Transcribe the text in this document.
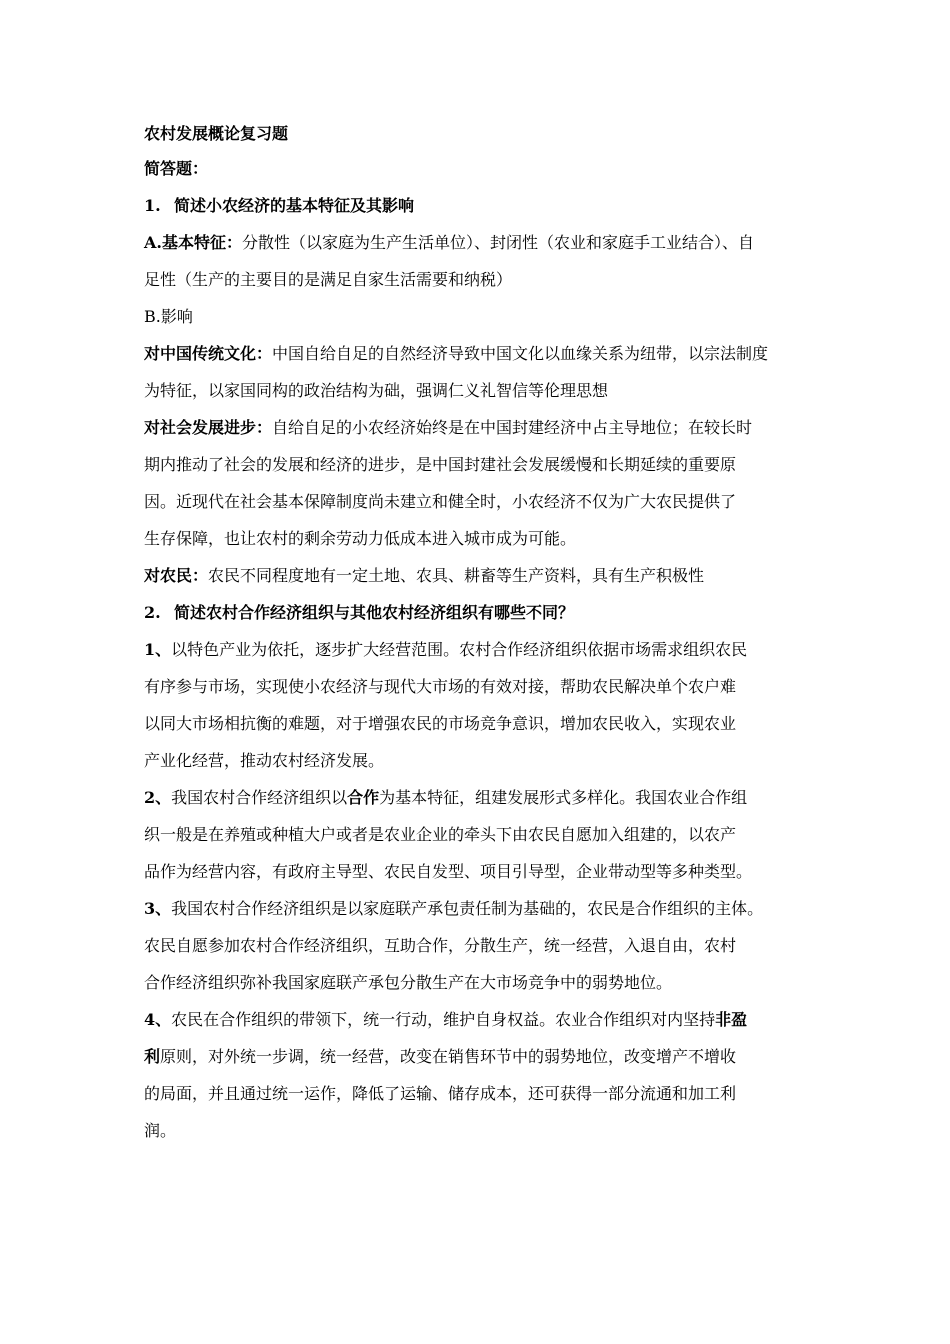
农村发展概论复习题
简答题：
1. 简述小农经济的基本特征及其影响
A.基本特征：分散性（以家庭为生产生活单位）、封闭性（农业和家庭手工业结合）、自
足性（生产的主要目的是满足自家生活需要和纳税）
B.影响
对中国传统文化：中国自给自足的自然经济导致中国文化以血缘关系为纽带，以宗法制度
为特征，以家国同构的政治结构为础，强调仁义礼智信等伦理思想
对社会发展进步：自给自足的小农经济始终是在中国封建经济中占主导地位；在较长时
期内推动了社会的发展和经济的进步，是中国封建社会发展缓慢和长期延续的重要原
因。近现代在社会基本保障制度尚未建立和健全时，小农经济不仅为广大农民提供了
生存保障，也让农村的剩余劳动力低成本进入城市成为可能。
对农民：农民不同程度地有一定土地、农具、耕畜等生产资料，具有生产积极性
2. 简述农村合作经济组织与其他农村经济组织有哪些不同？
1、以特色产业为依托，逐步扩大经营范围。农村合作经济组织依据市场需求组织农民
有序参与市场，实现使小农经济与现代大市场的有效对接，帮助农民解决单个农户难
以同大市场相抗衡的难题，对于增强农民的市场竞争意识，增加农民收入，实现农业
产业化经营，推动农村经济发展。
2、我国农村合作经济组织以合作为基本特征，组建发展形式多样化。我国农业合作组
织一般是在养殖或种植大户或者是农业企业的牵头下由农民自愿加入组建的，以农产
品作为经营内容，有政府主导型、农民自发型、项目引导型，企业带动型等多种类型。
3、我国农村合作经济组织是以家庭联产承包责任制为基础的，农民是合作组织的主体。
农民自愿参加农村合作经济组织，互助合作，分散生产，统一经营，入退自由，农村
合作经济组织弥补我国家庭联产承包分散生产在大市场竞争中的弱势地位。
4、农民在合作组织的带领下，统一行动，维护自身权益。农业合作组织对内坚持非盈
利原则，对外统一步调，统一经营，改变在销售环节中的弱势地位，改变增产不增收
的局面，并且通过统一运作，降低了运输、储存成本，还可获得一部分流通和加工利
润。
